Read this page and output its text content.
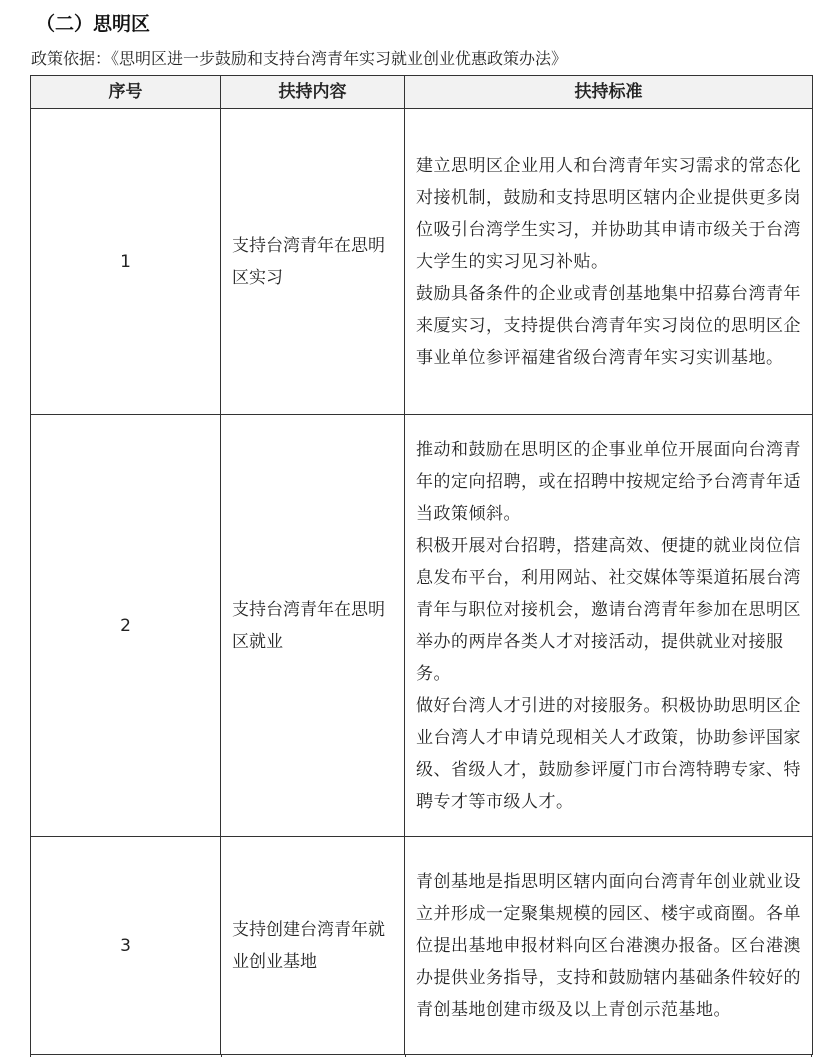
（二）思明区
政策依据：《思明区进一步鼓励和支持台湾青年实习就业创业优惠政策办法》
序号	扶持内容	扶持标准
1	支持台湾青年在思明区实习	建立思明区企业用人和台湾青年实习需求的常态化对接机制，鼓励和支持思明区辖内企业提供更多岗位吸引台湾学生实习，并协助其申请市级关于台湾大学生的实习见习补贴。

鼓励具备条件的企业或青创基地集中招募台湾青年来厦实习，支持提供台湾青年实习岗位的思明区企事业单位参评福建省级台湾青年实习实训基地。

2	支持台湾青年在思明区就业	推动和鼓励在思明区的企事业单位开展面向台湾青年的定向招聘，或在招聘中按规定给予台湾青年适当政策倾斜。

积极开展对台招聘，搭建高效、便捷的就业岗位信息发布平台，利用网站、社交媒体等渠道拓展台湾青年与职位对接机会，邀请台湾青年参加在思明区举办的两岸各类人才对接活动，提供就业对接服务。

做好台湾人才引进的对接服务。积极协助思明区企业台湾人才申请兑现相关人才政策，协助参评国家级、省级人才，鼓励参评厦门市台湾特聘专家、特聘专才等市级人才。

3	支持创建台湾青年就业创业基地	青创基地是指思明区辖内面向台湾青年创业就业设立并形成一定聚集规模的园区、楼宇或商圈。各单位提出基地申报材料向区台港澳办报备。区台港澳办提供业务指导，支持和鼓励辖内基础条件较好的青创基地创建市级及以上青创示范基地。
